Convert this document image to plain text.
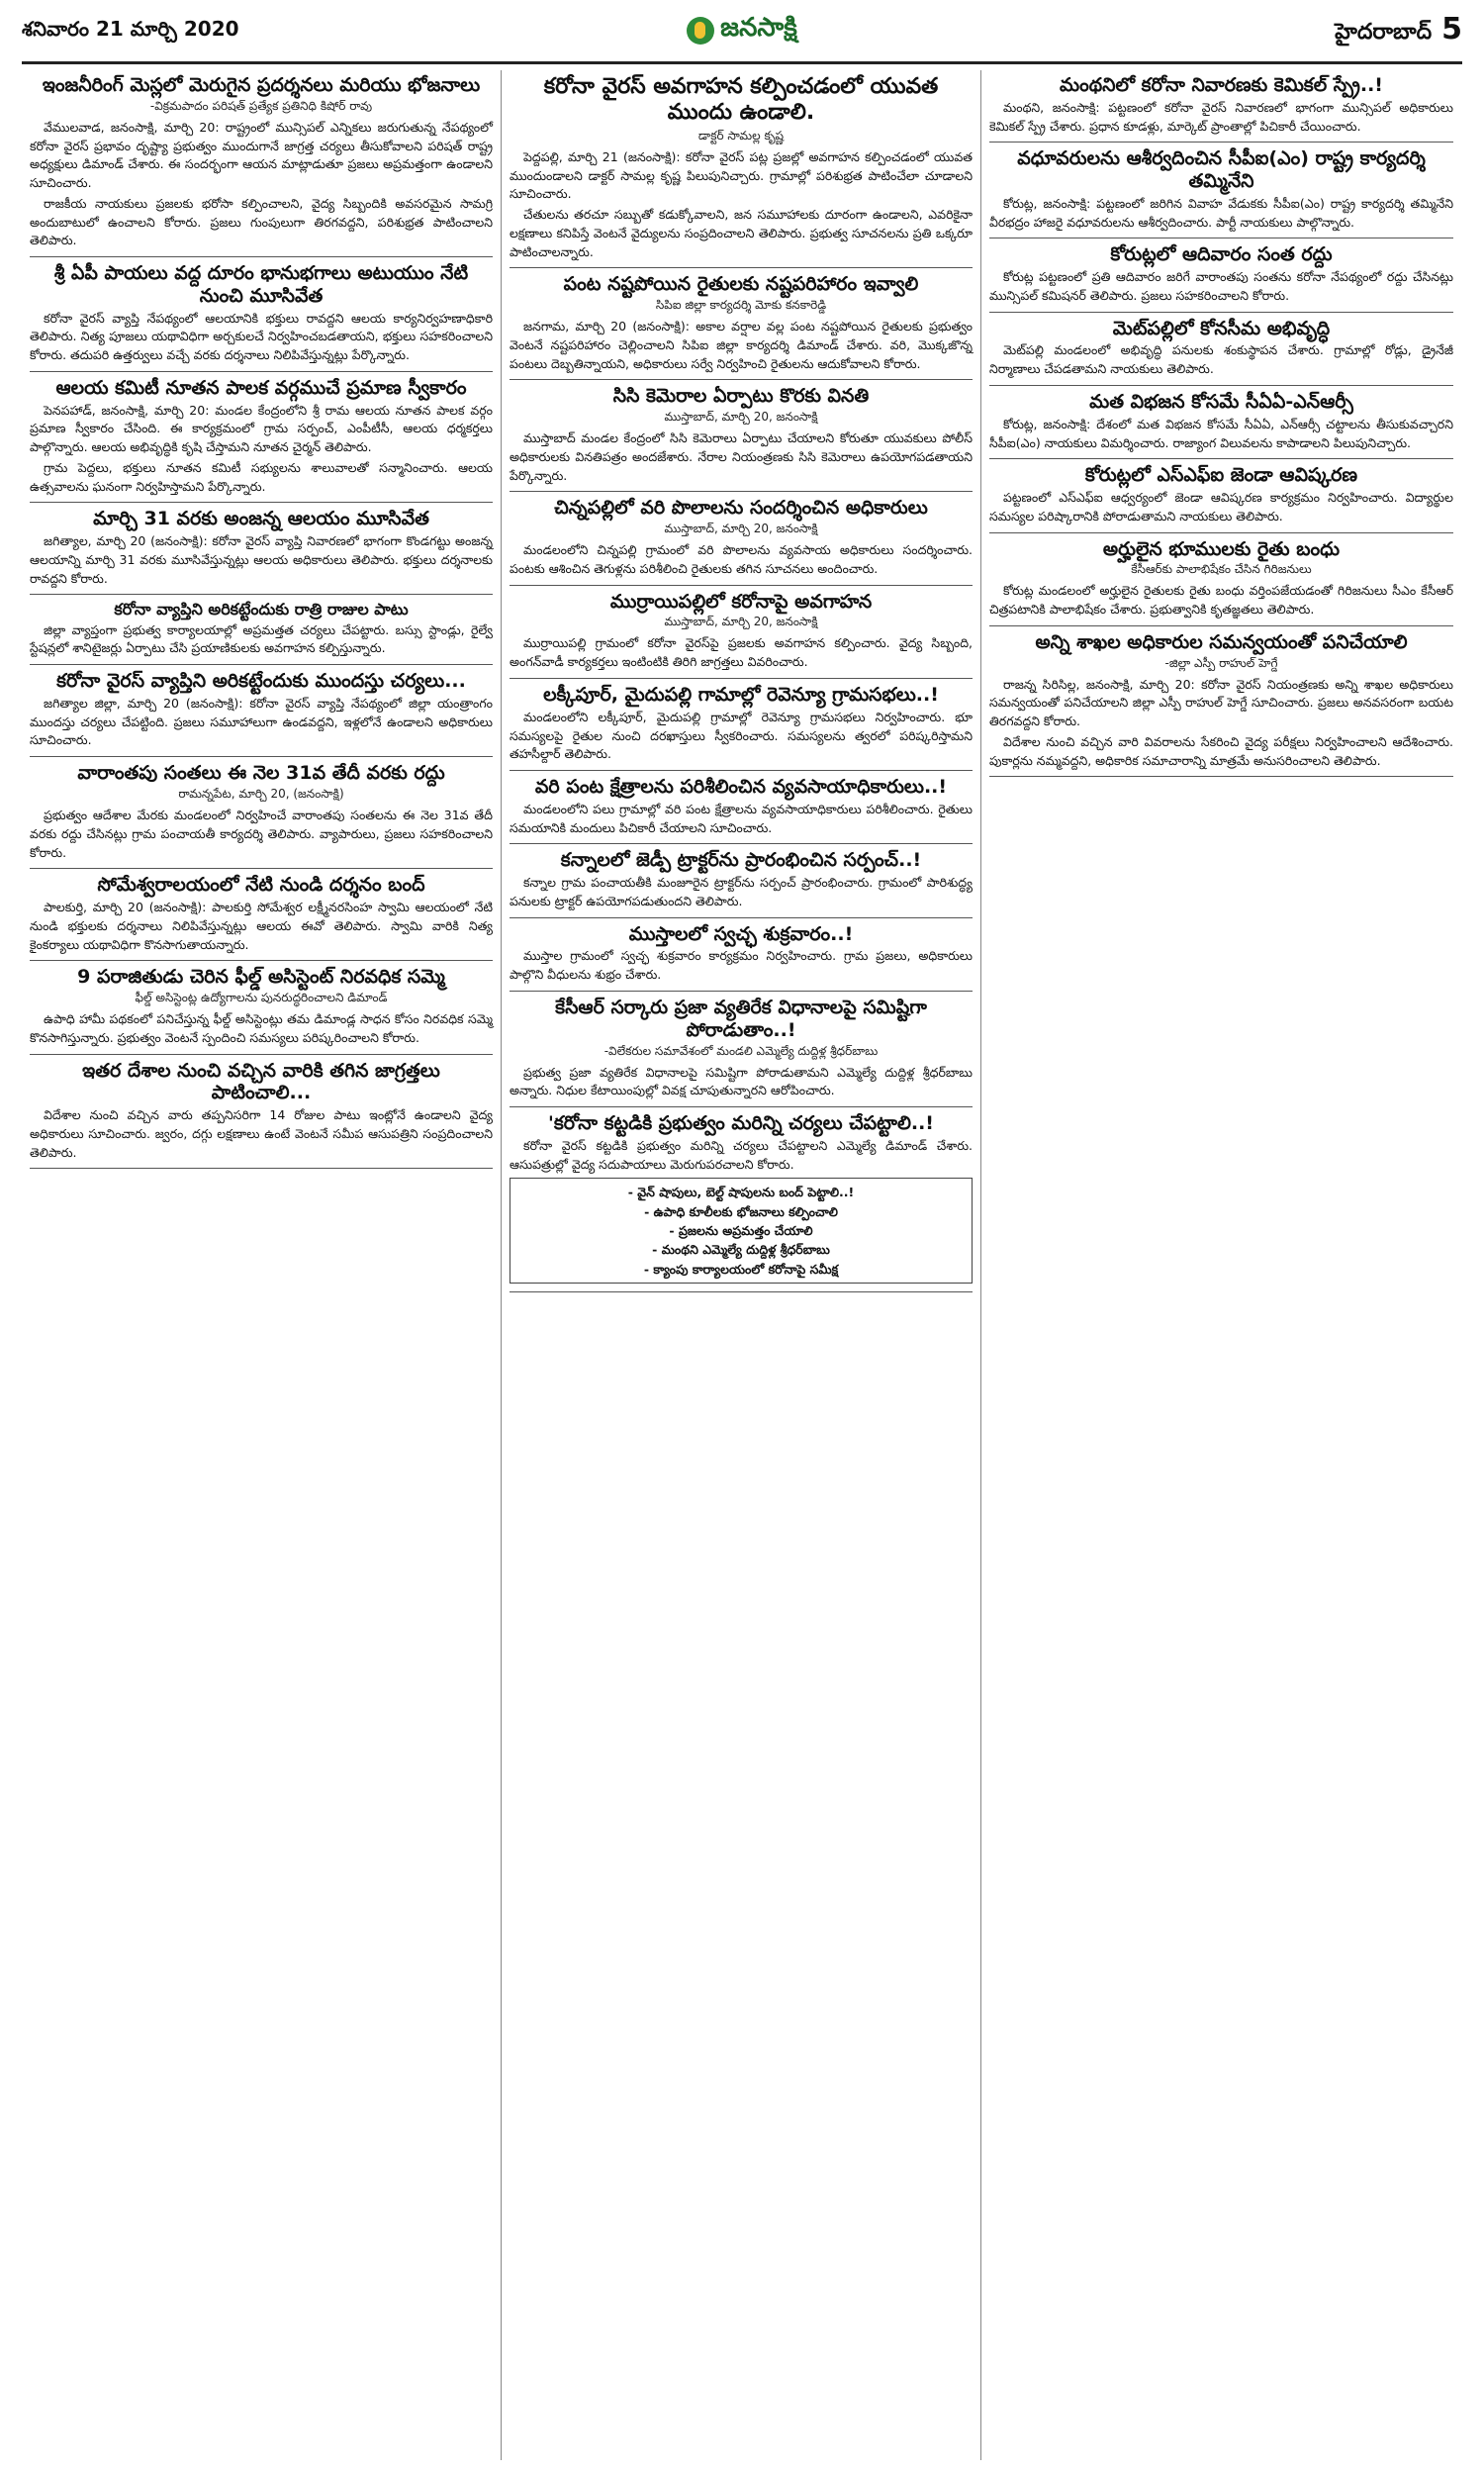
శనివారం 21 మార్చి 2020	జనసాక్షి	హైదరాబాద్ 5
ఇంజనీరింగ్ మెస్లలో మెరుగైన ప్రదర్శనలు మరియు భోజనాలు
-విక్రమపాదం పరిషత్ ప్రత్యేక ప్రతినిధి కిషోర్ రావు

వేములవాడ, జనంసాక్షి, మార్చి 20: రాష్ట్రంలో మున్సిపల్ ఎన్నికలు జరుగుతున్న నేపథ్యంలో కరోనా వైరస్ ప్రభావం దృష్ట్యా ప్రభుత్వం ముందుగానే జాగ్రత్త చర్యలు తీసుకోవాలని పరిషత్ రాష్ట్ర అధ్యక్షులు డిమాండ్ చేశారు. ఈ సందర్భంగా ఆయన మాట్లాడుతూ ప్రజలు అప్రమత్తంగా ఉండాలని సూచించారు.

రాజకీయ నాయకులు ప్రజలకు భరోసా కల్పించాలని, వైద్య సిబ్బందికి అవసరమైన సామగ్రి అందుబాటులో ఉంచాలని కోరారు. ప్రజలు గుంపులుగా తిరగవద్దని, పరిశుభ్రత పాటించాలని తెలిపారు.

శ్రీ ఏపీ పాయలు వద్ద దూరం భానుభగాలు అటుయుం నేటి నుంచి మూసివేత

కరోనా వైరస్ వ్యాప్తి నేపథ్యంలో ఆలయానికి భక్తులు రావద్దని ఆలయ కార్యనిర్వహణాధికారి తెలిపారు. నిత్య పూజలు యథావిధిగా అర్చకులచే నిర్వహించబడతాయని, భక్తులు సహకరించాలని కోరారు. తదుపరి ఉత్తర్వులు వచ్చే వరకు దర్శనాలు నిలిపివేస్తున్నట్లు పేర్కొన్నారు.

ఆలయ కమిటీ నూతన పాలక వర్గముచే ప్రమాణ స్వీకారం

పెనపహాడ్, జనంసాక్షి, మార్చి 20: మండల కేంద్రంలోని శ్రీ రామ ఆలయ నూతన పాలక వర్గం ప్రమాణ స్వీకారం చేసింది. ఈ కార్యక్రమంలో గ్రామ సర్పంచ్, ఎంపీటీసీ, ఆలయ ధర్మకర్తలు పాల్గొన్నారు. ఆలయ అభివృద్ధికి కృషి చేస్తామని నూతన చైర్మన్ తెలిపారు.

గ్రామ పెద్దలు, భక్తులు నూతన కమిటీ సభ్యులను శాలువాలతో సన్మానించారు. ఆలయ ఉత్సవాలను ఘనంగా నిర్వహిస్తామని పేర్కొన్నారు.

మార్చి 31 వరకు అంజన్న ఆలయం మూసివేత

జగిత్యాల, మార్చి 20 (జనంసాక్షి): కరోనా వైరస్ వ్యాప్తి నివారణలో భాగంగా కొండగట్టు అంజన్న ఆలయాన్ని మార్చి 31 వరకు మూసివేస్తున్నట్లు ఆలయ అధికారులు తెలిపారు. భక్తులు దర్శనాలకు రావద్దని కోరారు.

కరోనా వ్యాప్తిని అరికట్టేందుకు రాత్రి రాజుల పాటు

జిల్లా వ్యాప్తంగా ప్రభుత్వ కార్యాలయాల్లో అప్రమత్తత చర్యలు చేపట్టారు. బస్సు స్టాండ్లు, రైల్వే స్టేషన్లలో శానిటైజర్లు ఏర్పాటు చేసి ప్రయాణికులకు అవగాహన కల్పిస్తున్నారు.

కరోనా వైరస్ వ్యాప్తిని అరికట్టేందుకు ముందస్తు చర్యలు...

జగిత్యాల జిల్లా, మార్చి 20 (జనంసాక్షి): కరోనా వైరస్ వ్యాప్తి నేపథ్యంలో జిల్లా యంత్రాంగం ముందస్తు చర్యలు చేపట్టింది. ప్రజలు సమూహాలుగా ఉండవద్దని, ఇళ్లలోనే ఉండాలని అధికారులు సూచించారు.

వారాంతపు సంతలు ఈ నెల 31వ తేదీ వరకు రద్దు
రామన్నపేట, మార్చి 20, (జనంసాక్షి)

ప్రభుత్వం ఆదేశాల మేరకు మండలంలో నిర్వహించే వారాంతపు సంతలను ఈ నెల 31వ తేదీ వరకు రద్దు చేసినట్లు గ్రామ పంచాయతీ కార్యదర్శి తెలిపారు. వ్యాపారులు, ప్రజలు సహకరించాలని కోరారు.

సోమేశ్వరాలయంలో నేటి నుండి దర్శనం బంద్

పాలకుర్తి, మార్చి 20 (జనంసాక్షి): పాలకుర్తి సోమేశ్వర లక్ష్మీనరసింహ స్వామి ఆలయంలో నేటి నుండి భక్తులకు దర్శనాలు నిలిపివేస్తున్నట్లు ఆలయ ఈవో తెలిపారు. స్వామి వారికి నిత్య కైంకర్యాలు యథావిధిగా కొనసాగుతాయన్నారు.

9 పరాజితుడు చెరిన ఫీల్డ్ అసిస్టెంట్ నిరవధిక సమ్మె
ఫీల్డ్ అసిస్టెంట్ల ఉద్యోగాలను పునరుద్ధరించాలని డిమాండ్

ఉపాధి హామీ పథకంలో పనిచేస్తున్న ఫీల్డ్ అసిస్టెంట్లు తమ డిమాండ్ల సాధన కోసం నిరవధిక సమ్మె కొనసాగిస్తున్నారు. ప్రభుత్వం వెంటనే స్పందించి సమస్యలు పరిష్కరించాలని కోరారు.

ఇతర దేశాల నుంచి వచ్చిన వారికి తగిన జాగ్రత్తలు పాటించాలి...

విదేశాల నుంచి వచ్చిన వారు తప్పనిసరిగా 14 రోజుల పాటు ఇంట్లోనే ఉండాలని వైద్య అధికారులు సూచించారు. జ్వరం, దగ్గు లక్షణాలు ఉంటే వెంటనే సమీప ఆసుపత్రిని సంప్రదించాలని తెలిపారు.

కరోనా వైరస్ అవగాహన కల్పించడంలో యువత ముందు ఉండాలి.
డాక్టర్ సామల్ల కృష్ణ

పెద్దపల్లి, మార్చి 21 (జనంసాక్షి): కరోనా వైరస్ పట్ల ప్రజల్లో అవగాహన కల్పించడంలో యువత ముందుండాలని డాక్టర్ సామల్ల కృష్ణ పిలుపునిచ్చారు. గ్రామాల్లో పరిశుభ్రత పాటించేలా చూడాలని సూచించారు.

చేతులను తరచూ సబ్బుతో కడుక్కోవాలని, జన సమూహాలకు దూరంగా ఉండాలని, ఎవరికైనా లక్షణాలు కనిపిస్తే వెంటనే వైద్యులను సంప్రదించాలని తెలిపారు. ప్రభుత్వ సూచనలను ప్రతి ఒక్కరూ పాటించాలన్నారు.

పంట నష్టపోయిన రైతులకు నష్టపరిహారం ఇవ్వాలి
సిపిఐ జిల్లా కార్యదర్శి మోకు కనకారెడ్డి

జనగామ, మార్చి 20 (జనంసాక్షి): అకాల వర్షాల వల్ల పంట నష్టపోయిన రైతులకు ప్రభుత్వం వెంటనే నష్టపరిహారం చెల్లించాలని సిపిఐ జిల్లా కార్యదర్శి డిమాండ్ చేశారు. వరి, మొక్కజొన్న పంటలు దెబ్బతిన్నాయని, అధికారులు సర్వే నిర్వహించి రైతులను ఆదుకోవాలని కోరారు.

సిసి కెమెరాల ఏర్పాటు కొరకు వినతి
ముస్తాబాద్, మార్చి 20, జనంసాక్షి

ముస్తాబాద్ మండల కేంద్రంలో సిసి కెమెరాలు ఏర్పాటు చేయాలని కోరుతూ యువకులు పోలీస్ అధికారులకు వినతిపత్రం అందజేశారు. నేరాల నియంత్రణకు సిసి కెమెరాలు ఉపయోగపడతాయని పేర్కొన్నారు.

చిన్నపల్లిలో వరి పొలాలను సందర్శించిన అధికారులు
ముస్తాబాద్, మార్చి 20, జనంసాక్షి

మండలంలోని చిన్నపల్లి గ్రామంలో వరి పొలాలను వ్యవసాయ అధికారులు సందర్శించారు. పంటకు ఆశించిన తెగుళ్లను పరిశీలించి రైతులకు తగిన సూచనలు అందించారు.

ముర్రాయిపల్లిలో కరోనాపై అవగాహన
ముస్తాబాద్, మార్చి 20, జనంసాక్షి

ముర్రాయిపల్లి గ్రామంలో కరోనా వైరస్‌పై ప్రజలకు అవగాహన కల్పించారు. వైద్య సిబ్బంది, అంగన్‌వాడీ కార్యకర్తలు ఇంటింటికి తిరిగి జాగ్రత్తలు వివరించారు.

లక్కీపూర్, మైదుపల్లి గామాల్లో రెవెన్యూ గ్రామసభలు..!

మండలంలోని లక్కీపూర్, మైదుపల్లి గ్రామాల్లో రెవెన్యూ గ్రామసభలు నిర్వహించారు. భూ సమస్యలపై రైతుల నుంచి దరఖాస్తులు స్వీకరించారు. సమస్యలను త్వరలో పరిష్కరిస్తామని తహసీల్దార్ తెలిపారు.

వరి పంట క్షేత్రాలను పరిశీలించిన వ్యవసాయాధికారులు..!

మండలంలోని పలు గ్రామాల్లో వరి పంట క్షేత్రాలను వ్యవసాయాధికారులు పరిశీలించారు. రైతులు సమయానికి మందులు పిచికారీ చేయాలని సూచించారు.

కన్నాలలో జెడ్పీ ట్రాక్టర్‌ను ప్రారంభించిన సర్పంచ్..!

కన్నాల గ్రామ పంచాయతీకి మంజూరైన ట్రాక్టర్‌ను సర్పంచ్ ప్రారంభించారు. గ్రామంలో పారిశుద్ధ్య పనులకు ట్రాక్టర్ ఉపయోగపడుతుందని తెలిపారు.

ముస్తాలలో స్వచ్ఛ శుక్రవారం..!

ముస్తాల గ్రామంలో స్వచ్ఛ శుక్రవారం కార్యక్రమం నిర్వహించారు. గ్రామ ప్రజలు, అధికారులు పాల్గొని వీధులను శుభ్రం చేశారు.

కేసీఆర్ సర్కారు ప్రజా వ్యతిరేక విధానాలపై సమిష్టిగా పోరాడుతాం..!
-విలేకరుల సమావేశంలో మండలి ఎమ్మెల్యే దుద్దిళ్ల శ్రీధర్‌బాబు

ప్రభుత్వ ప్రజా వ్యతిరేక విధానాలపై సమిష్టిగా పోరాడుతామని ఎమ్మెల్యే దుద్దిళ్ల శ్రీధర్‌బాబు అన్నారు. నిధుల కేటాయింపుల్లో వివక్ష చూపుతున్నారని ఆరోపించారు.

'కరోనా కట్టడికి ప్రభుత్వం మరిన్ని చర్యలు చేపట్టాలి..!

కరోనా వైరస్ కట్టడికి ప్రభుత్వం మరిన్ని చర్యలు చేపట్టాలని ఎమ్మెల్యే డిమాండ్ చేశారు. ఆసుపత్రుల్లో వైద్య సదుపాయాలు మెరుగుపరచాలని కోరారు.

- వైన్ షాపులు, బెల్ట్ షాపులను బంద్ పెట్టాలి..!
- ఉపాధి కూలీలకు భోజనాలు కల్పించాలి
- ప్రజలను అప్రమత్తం చేయాలి
- మంథని ఎమ్మెల్యే దుద్దిళ్ల శ్రీధర్‌బాబు
- క్యాంపు కార్యాలయంలో కరోనాపై సమీక్ష
మంథనిలో కరోనా నివారణకు కెమికల్ స్ప్రే..!

మంథని, జనంసాక్షి: పట్టణంలో కరోనా వైరస్ నివారణలో భాగంగా మున్సిపల్ అధికారులు కెమికల్ స్ప్రే చేశారు. ప్రధాన కూడళ్లు, మార్కెట్ ప్రాంతాల్లో పిచికారీ చేయించారు.

వధూవరులను ఆశీర్వదించిన సీపీఐ(ఎం) రాష్ట్ర కార్యదర్శి తమ్మినేని

కోరుట్ల, జనంసాక్షి: పట్టణంలో జరిగిన వివాహ వేడుకకు సీపీఐ(ఎం) రాష్ట్ర కార్యదర్శి తమ్మినేని వీరభద్రం హాజరై వధూవరులను ఆశీర్వదించారు. పార్టీ నాయకులు పాల్గొన్నారు.

కోరుట్లలో ఆదివారం సంత రద్దు

కోరుట్ల పట్టణంలో ప్రతి ఆదివారం జరిగే వారాంతపు సంతను కరోనా నేపథ్యంలో రద్దు చేసినట్లు మున్సిపల్ కమిషనర్ తెలిపారు. ప్రజలు సహకరించాలని కోరారు.

మెట్‌పల్లిలో కోనసీమ అభివృద్ధి

మెట్‌పల్లి మండలంలో అభివృద్ధి పనులకు శంకుస్థాపన చేశారు. గ్రామాల్లో రోడ్లు, డ్రైనేజీ నిర్మాణాలు చేపడతామని నాయకులు తెలిపారు.

మత విభజన కోసమే సీఏఏ-ఎన్ఆర్సీ

కోరుట్ల, జనంసాక్షి: దేశంలో మత విభజన కోసమే సీఏఏ, ఎన్ఆర్సీ చట్టాలను తీసుకువచ్చారని సీపీఐ(ఎం) నాయకులు విమర్శించారు. రాజ్యాంగ విలువలను కాపాడాలని పిలుపునిచ్చారు.

కోరుట్లలో ఎస్ఎఫ్ఐ జెండా ఆవిష్కరణ

పట్టణంలో ఎస్ఎఫ్ఐ ఆధ్వర్యంలో జెండా ఆవిష్కరణ కార్యక్రమం నిర్వహించారు. విద్యార్థుల సమస్యల పరిష్కారానికి పోరాడుతామని నాయకులు తెలిపారు.

అర్హులైన భూములకు రైతు బంధు
కేసీఆర్‌కు పాలాభిషేకం చేసిన గిరిజనులు

కోరుట్ల మండలంలో అర్హులైన రైతులకు రైతు బంధు వర్తింపజేయడంతో గిరిజనులు సీఎం కేసీఆర్ చిత్రపటానికి పాలాభిషేకం చేశారు. ప్రభుత్వానికి కృతజ్ఞతలు తెలిపారు.

అన్ని శాఖల అధికారుల సమన్వయంతో పనిచేయాలి
-జిల్లా ఎస్పీ రాహుల్ హెగ్డే

రాజన్న సిరిసిల్ల, జనంసాక్షి, మార్చి 20: కరోనా వైరస్ నియంత్రణకు అన్ని శాఖల అధికారులు సమన్వయంతో పనిచేయాలని జిల్లా ఎస్పీ రాహుల్ హెగ్డే సూచించారు. ప్రజలు అనవసరంగా బయట తిరగవద్దని కోరారు.

విదేశాల నుంచి వచ్చిన వారి వివరాలను సేకరించి వైద్య పరీక్షలు నిర్వహించాలని ఆదేశించారు. పుకార్లను నమ్మవద్దని, అధికారిక సమాచారాన్ని మాత్రమే అనుసరించాలని తెలిపారు.
